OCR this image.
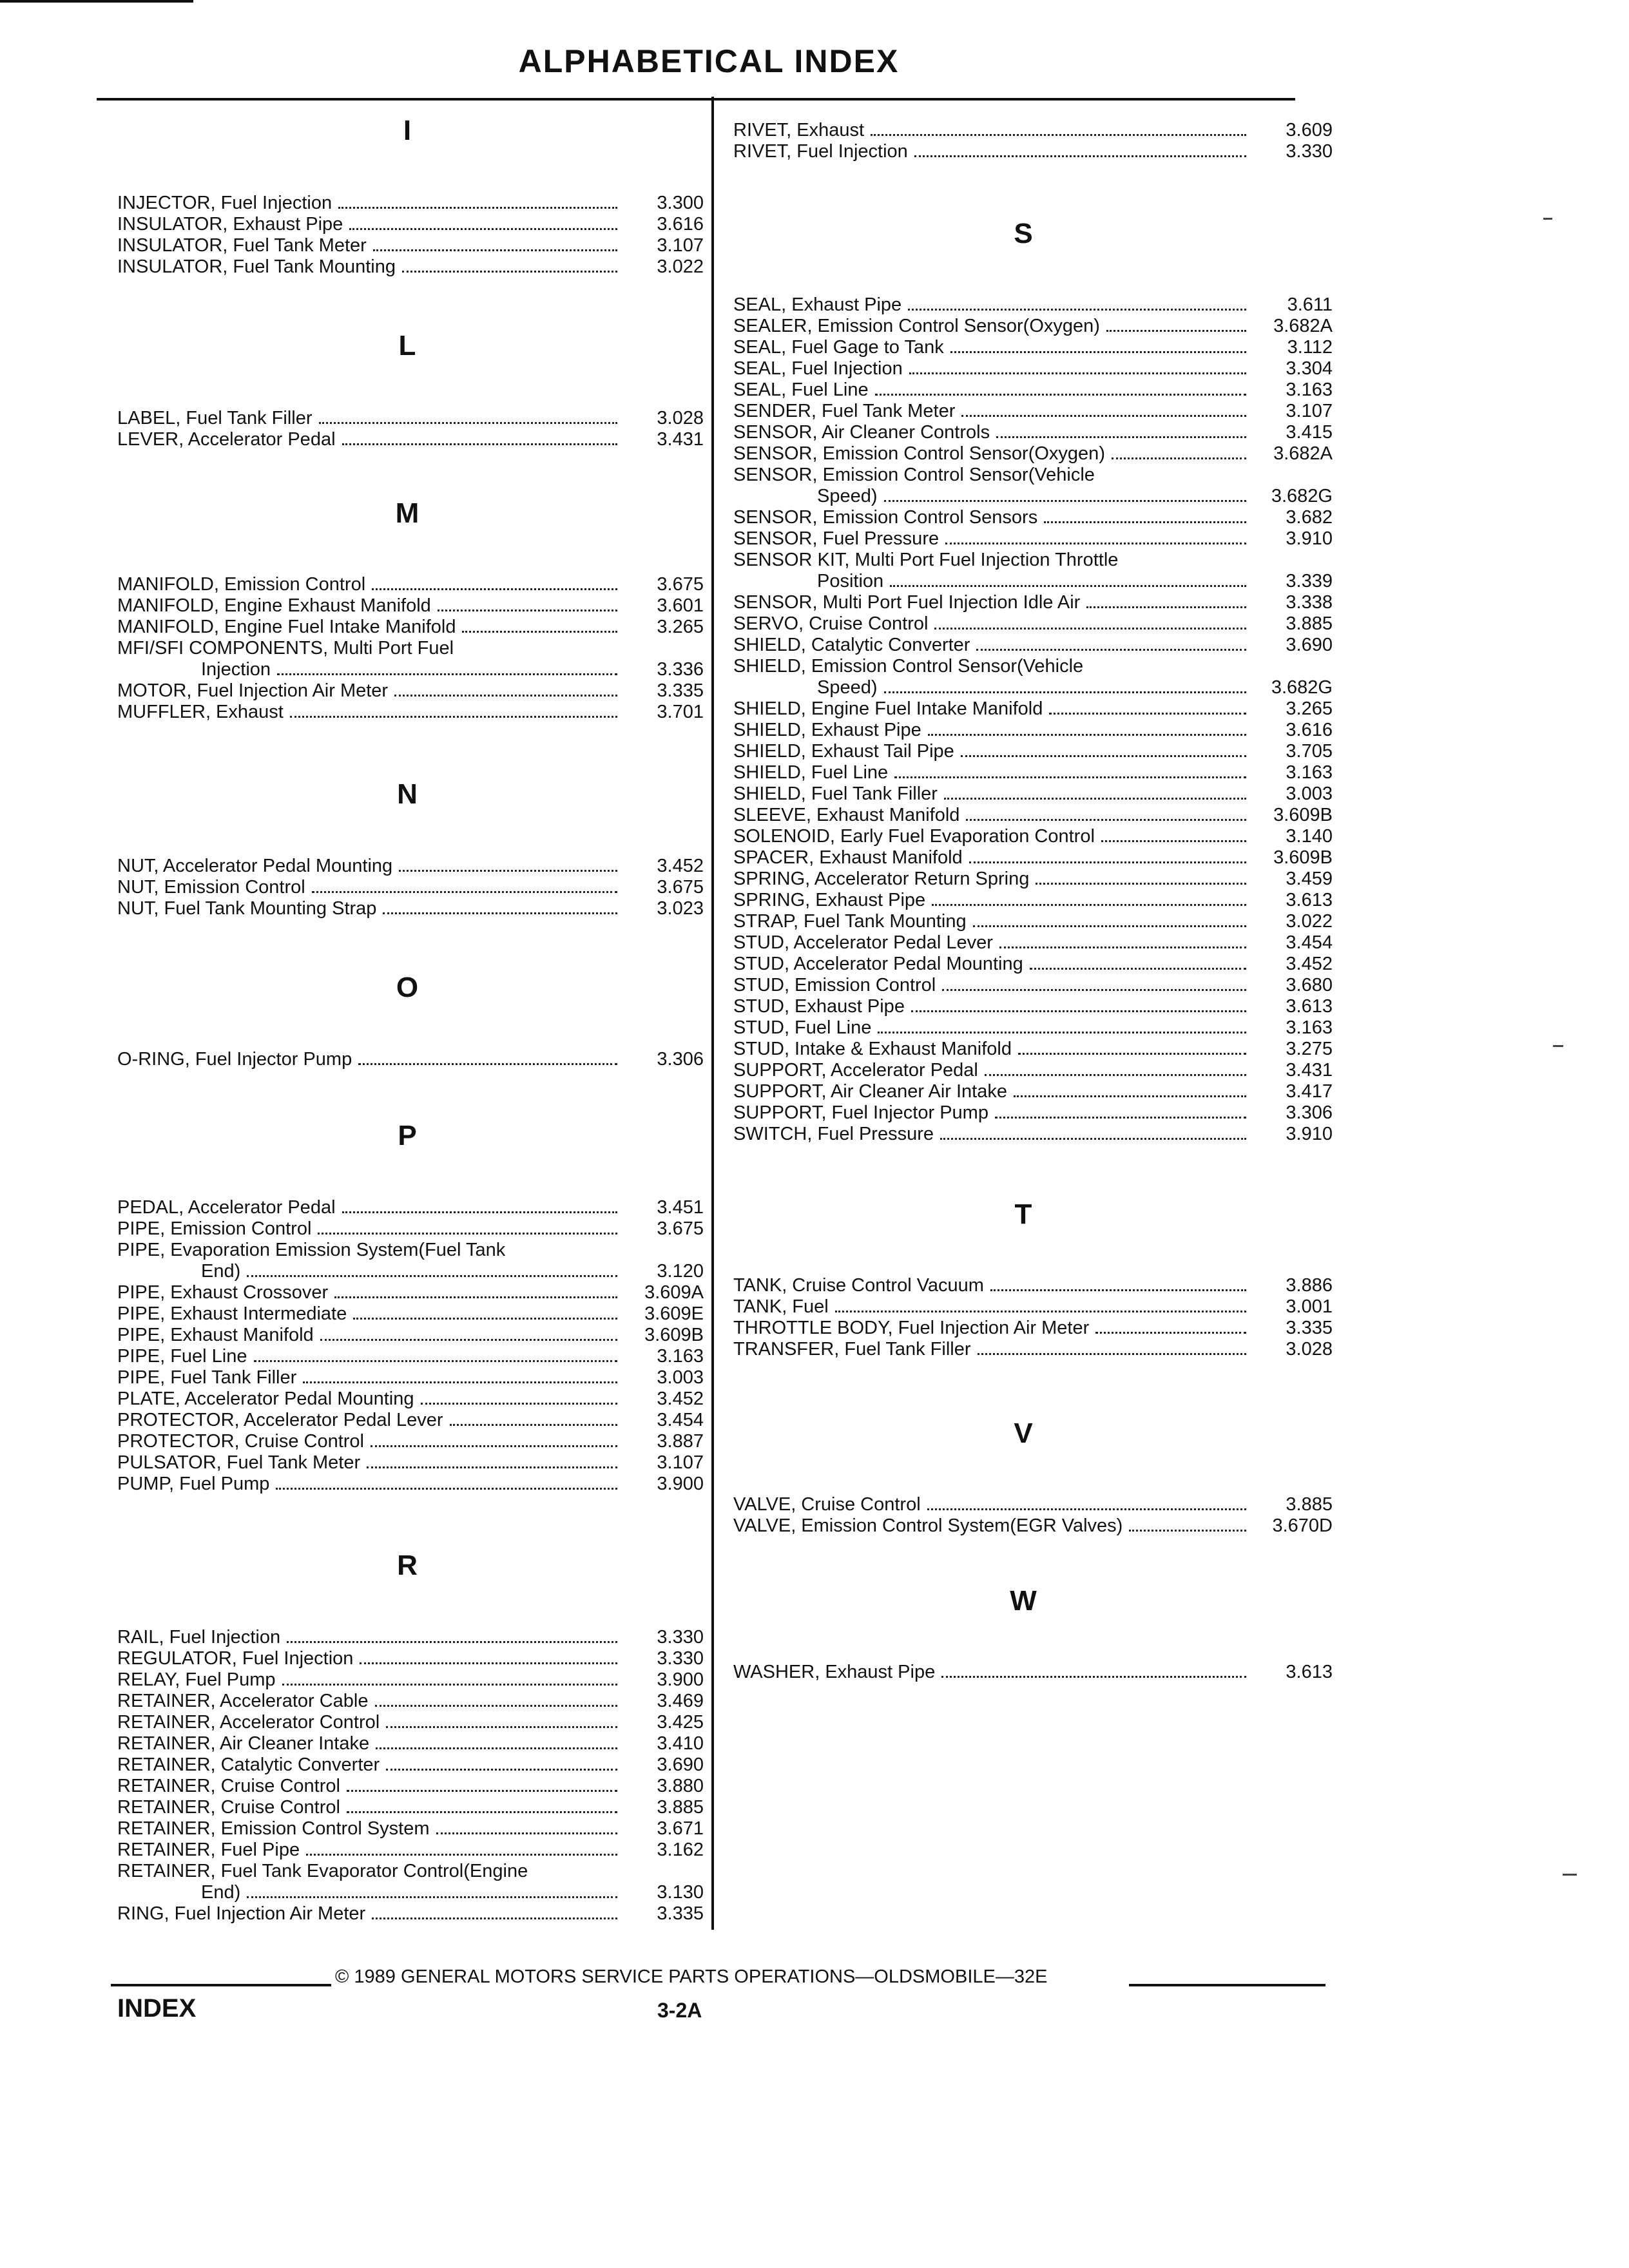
ALPHABETICAL INDEX
I
INJECTOR, Fuel Injection	3.300
INSULATOR, Exhaust Pipe	3.616
INSULATOR, Fuel Tank Meter	3.107
INSULATOR, Fuel Tank Mounting	3.022
L
LABEL, Fuel Tank Filler	3.028
LEVER, Accelerator Pedal	3.431
M
MANIFOLD, Emission Control	3.675
MANIFOLD, Engine Exhaust Manifold	3.601
MANIFOLD, Engine Fuel Intake Manifold	3.265
MFI/SFI COMPONENTS, Multi Port Fuel
Injection	3.336
MOTOR, Fuel Injection Air Meter	3.335
MUFFLER, Exhaust	3.701
N
NUT, Accelerator Pedal Mounting	3.452
NUT, Emission Control	3.675
NUT, Fuel Tank Mounting Strap	3.023
O
O-RING, Fuel Injector Pump	3.306
P
PEDAL, Accelerator Pedal	3.451
PIPE, Emission Control	3.675
PIPE, Evaporation Emission System(Fuel Tank
End)	3.120
PIPE, Exhaust Crossover	3.609A
PIPE, Exhaust Intermediate	3.609E
PIPE, Exhaust Manifold	3.609B
PIPE, Fuel Line	3.163
PIPE, Fuel Tank Filler	3.003
PLATE, Accelerator Pedal Mounting	3.452
PROTECTOR, Accelerator Pedal Lever	3.454
PROTECTOR, Cruise Control	3.887
PULSATOR, Fuel Tank Meter	3.107
PUMP, Fuel Pump	3.900
R
RAIL, Fuel Injection	3.330
REGULATOR, Fuel Injection	3.330
RELAY, Fuel Pump	3.900
RETAINER, Accelerator Cable	3.469
RETAINER, Accelerator Control	3.425
RETAINER, Air Cleaner Intake	3.410
RETAINER, Catalytic Converter	3.690
RETAINER, Cruise Control	3.880
RETAINER, Cruise Control	3.885
RETAINER, Emission Control System	3.671
RETAINER, Fuel Pipe	3.162
RETAINER, Fuel Tank Evaporator Control(Engine
End)	3.130
RING, Fuel Injection Air Meter	3.335
RIVET, Exhaust	3.609
RIVET, Fuel Injection	3.330
S
SEAL, Exhaust Pipe	3.611
SEALER, Emission Control Sensor(Oxygen)	3.682A
SEAL, Fuel Gage to Tank	3.112
SEAL, Fuel Injection	3.304
SEAL, Fuel Line	3.163
SENDER, Fuel Tank Meter	3.107
SENSOR, Air Cleaner Controls	3.415
SENSOR, Emission Control Sensor(Oxygen)	3.682A
SENSOR, Emission Control Sensor(Vehicle
Speed)	3.682G
SENSOR, Emission Control Sensors	3.682
SENSOR, Fuel Pressure	3.910
SENSOR KIT, Multi Port Fuel Injection Throttle
Position	3.339
SENSOR, Multi Port Fuel Injection Idle Air	3.338
SERVO, Cruise Control	3.885
SHIELD, Catalytic Converter	3.690
SHIELD, Emission Control Sensor(Vehicle
Speed)	3.682G
SHIELD, Engine Fuel Intake Manifold	3.265
SHIELD, Exhaust Pipe	3.616
SHIELD, Exhaust Tail Pipe	3.705
SHIELD, Fuel Line	3.163
SHIELD, Fuel Tank Filler	3.003
SLEEVE, Exhaust Manifold	3.609B
SOLENOID, Early Fuel Evaporation Control	3.140
SPACER, Exhaust Manifold	3.609B
SPRING, Accelerator Return Spring	3.459
SPRING, Exhaust Pipe	3.613
STRAP, Fuel Tank Mounting	3.022
STUD, Accelerator Pedal Lever	3.454
STUD, Accelerator Pedal Mounting	3.452
STUD, Emission Control	3.680
STUD, Exhaust Pipe	3.613
STUD, Fuel Line	3.163
STUD, Intake & Exhaust Manifold	3.275
SUPPORT, Accelerator Pedal	3.431
SUPPORT, Air Cleaner Air Intake	3.417
SUPPORT, Fuel Injector Pump	3.306
SWITCH, Fuel Pressure	3.910
T
TANK, Cruise Control Vacuum	3.886
TANK, Fuel	3.001
THROTTLE BODY, Fuel Injection Air Meter	3.335
TRANSFER, Fuel Tank Filler	3.028
V
VALVE, Cruise Control	3.885
VALVE, Emission Control System(EGR Valves)	3.670D
W
WASHER, Exhaust Pipe	3.613
© 1989 GENERAL MOTORS SERVICE PARTS OPERATIONS—OLDSMOBILE—32E
INDEX	3-2A
